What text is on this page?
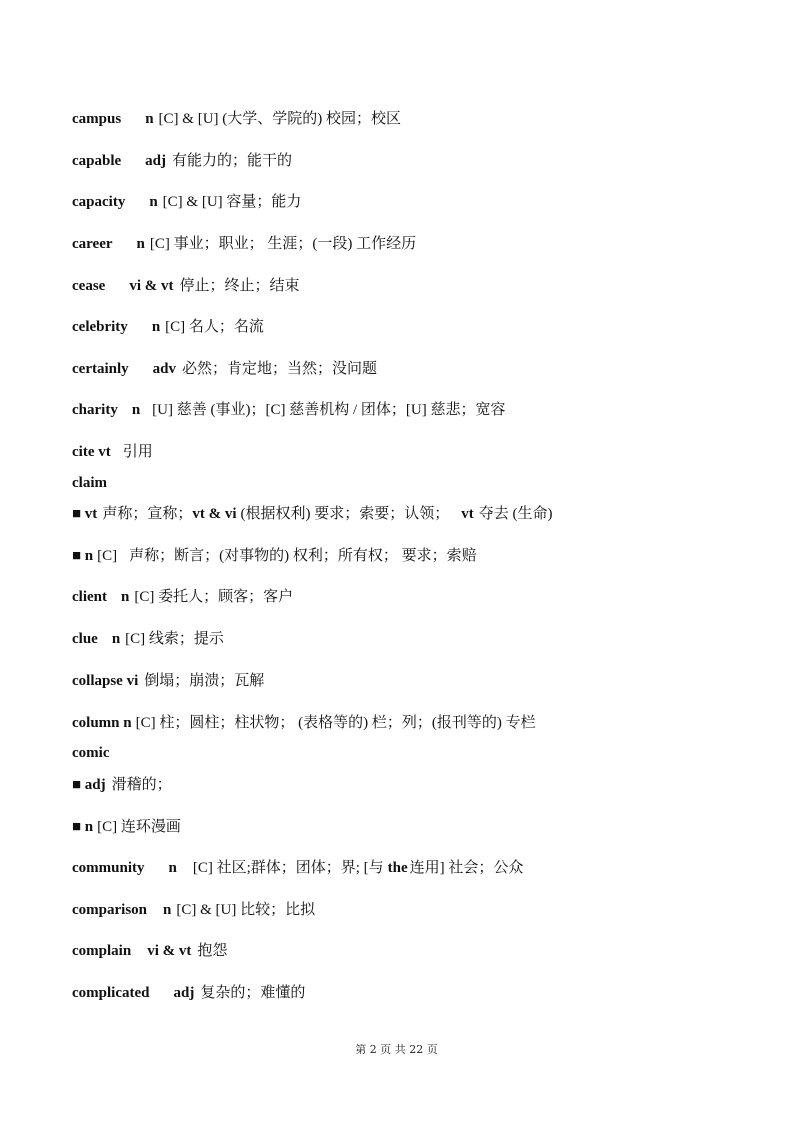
campus n [C] & [U] (大学、学院的) 校园；校区
capable adj 有能力的；能干的
capacity n [C] & [U] 容量；能力
career n [C] 事业；职业； 生涯；(一段) 工作经历
cease vi & vt 停止；终止；结束
celebrity n [C] 名人；名流
certainly adv 必然；肯定地；当然；没问题
charity n [U] 慈善 (事业)；[C] 慈善机构 / 团体；[U] 慈悲；宽容
cite vt 引用
claim
■ vt 声称；宣称；vt & vi (根据权利) 要求；索要；认领； vt 夺去 (生命)
■ n [C] 声称；断言；(对事物的) 权利；所有权； 要求；索赔
client n [C] 委托人；顾客；客户
clue n [C] 线索；提示
collapse vi 倒塌；崩溃；瓦解
column n [C] 柱；圆柱；柱状物； (表格等的) 栏；列；(报刊等的) 专栏
comic
■ adj 滑稽的；
■ n [C] 连环漫画
community n [C] 社区;群体；团体；界; [与 the 连用] 社会；公众
comparison n [C] & [U] 比较；比拟
complain vi & vt 抱怨
complicated adj 复杂的；难懂的
第 2 页 共 22 页
